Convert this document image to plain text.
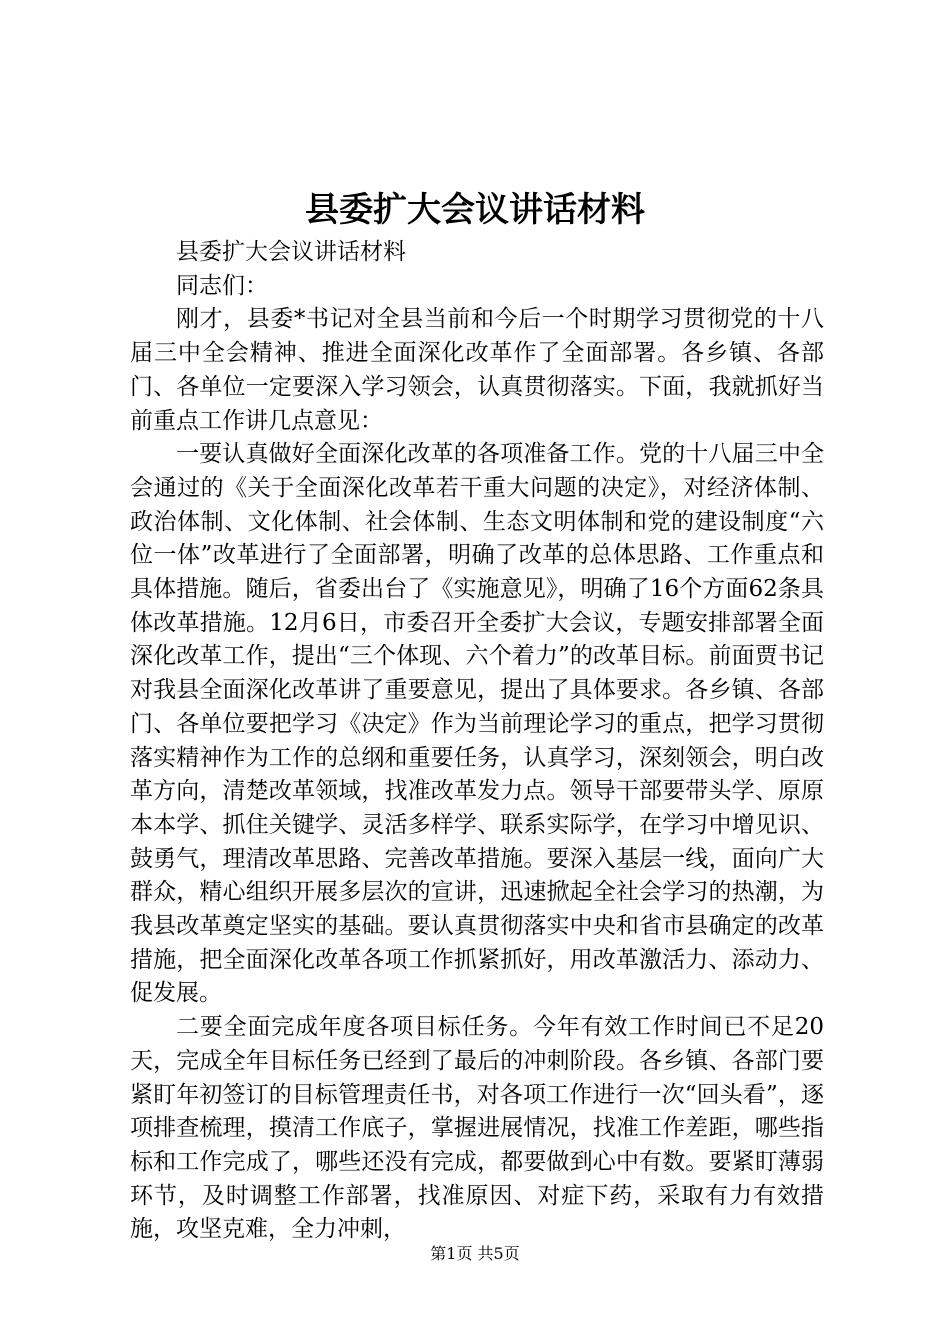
县委扩大会议讲话材料

县委扩大会议讲话材料

同志们：

刚才，县委*书记对全县当前和今后一个时期学习贯彻党的十八届三中全会精神、推进全面深化改革作了全面部署。各乡镇、各部门、各单位一定要深入学习领会，认真贯彻落实。下面，我就抓好当前重点工作讲几点意见：

一要认真做好全面深化改革的各项准备工作。党的十八届三中全会通过的《关于全面深化改革若干重大问题的决定》，对经济体制、政治体制、文化体制、社会体制、生态文明体制和党的建设制度“六位一体”改革进行了全面部署，明确了改革的总体思路、工作重点和具体措施。随后，省委出台了《实施意见》，明确了16个方面62条具体改革措施。12月6日，市委召开全委扩大会议，专题安排部署全面深化改革工作，提出“三个体现、六个着力”的改革目标。前面贾书记对我县全面深化改革讲了重要意见，提出了具体要求。各乡镇、各部门、各单位要把学习《决定》作为当前理论学习的重点，把学习贯彻落实精神作为工作的总纲和重要任务，认真学习，深刻领会，明白改革方向，清楚改革领域，找准改革发力点。领导干部要带头学、原原本本学、抓住关键学、灵活多样学、联系实际学，在学习中增见识、鼓勇气，理清改革思路、完善改革措施。要深入基层一线，面向广大群众，精心组织开展多层次的宣讲，迅速掀起全社会学习的热潮，为我县改革奠定坚实的基础。要认真贯彻落实中央和省市县确定的改革措施，把全面深化改革各项工作抓紧抓好，用改革激活力、添动力、促发展。

二要全面完成年度各项目标任务。今年有效工作时间已不足20天，完成全年目标任务已经到了最后的冲刺阶段。各乡镇、各部门要紧盯年初签订的目标管理责任书，对各项工作进行一次“回头看”，逐项排查梳理，摸清工作底子，掌握进展情况，找准工作差距，哪些指标和工作完成了，哪些还没有完成，都要做到心中有数。要紧盯薄弱环节，及时调整工作部署，找准原因、对症下药，采取有力有效措施，攻坚克难，全力冲刺，

第1页 共5页
